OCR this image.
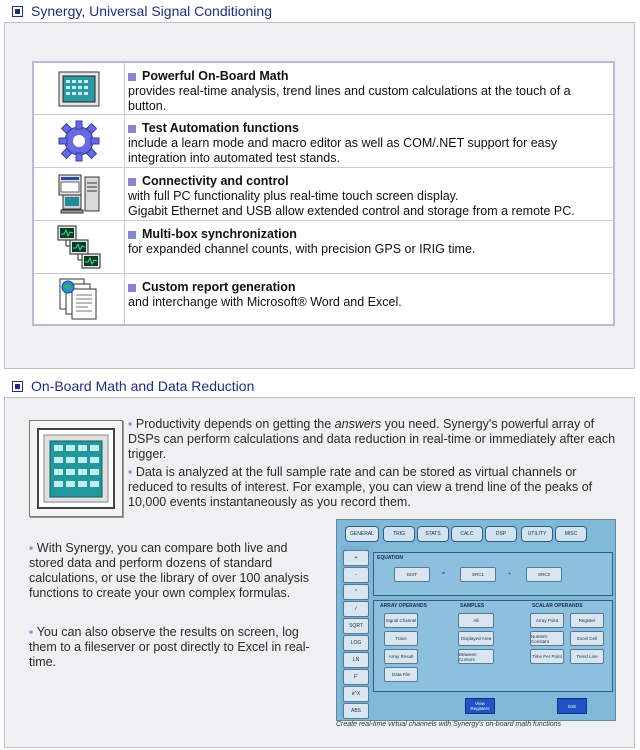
Synergy, Universal Signal Conditioning
Powerful On-Board Math
provides real-time analysis, trend lines and custom calculations at the touch of a button.
Test Automation functions
include a learn mode and macro editor as well as COM/.NET support for easy integration into automated test stands.
Connectivity and control
with full PC functionality plus real-time touch screen display.
Gigabit Ethernet and USB allow extended control and storage from a remote PC.
Multi-box synchronization
for expanded channel counts, with precision GPS or IRIG time.
Custom report generation
and interchange with Microsoft® Word and Excel.
On-Board Math and Data Reduction
▪ Productivity depends on getting the answers you need. Synergy's powerful array of DSPs can perform calculations and data reduction in real-time or immediately after each trigger.
▪ Data is analyzed at the full sample rate and can be stored as virtual channels or reduced to results of interest. For example, you can view a trend line of the peaks of 10,000 events instantaneously as you record them.
▪ With Synergy, you can compare both live and stored data and perform dozens of standard calculations, or use the library of over 100 analysis functions to create your own complex formulas.
▪ You can also observe the results on screen, log them to a fileserver or post directly to Excel in real-time.
GENERAL	TRIG	STATS	CALC	DSP	UTILITY	MISC
+
-
*
/
SQRT
LOG
LN
F'
e^X
ABS
EQUATION
DIST	=	SRC1	+	SRC2
ARRAY OPERANDS	SAMPLES	SCALAR OPERANDS
Signal Channel
Trace
Array Result
Data File
All
Displayed Area
Between Cursors
Array Point	Register
Numeric Constant	Excel Cell
Time Per Point	Trend Line
View Registers	Exit
Create real-time virtual channels with Synergy's on-board math functions
